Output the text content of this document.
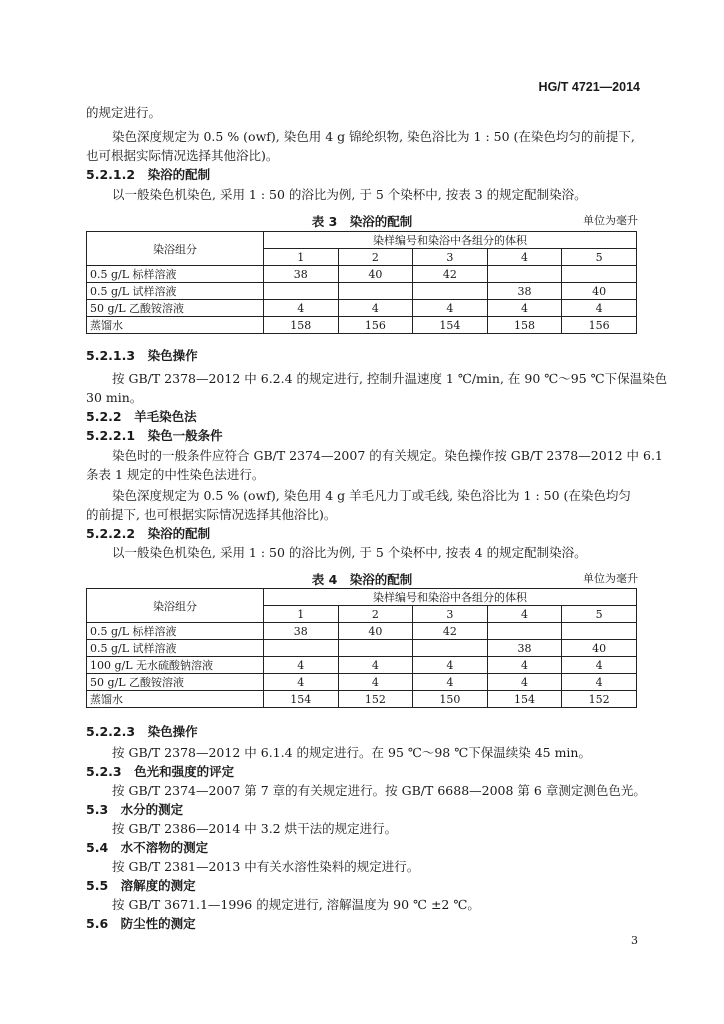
HG/T 4721—2014
的规定进行。
染色深度规定为 0.5 % (owf), 染色用 4 g 锦纶织物, 染色浴比为 1 : 50 (在染色均匀的前提下,
也可根据实际情况选择其他浴比)。
5.2.1.2　 染浴的配制
以一般染色机染色, 采用 1 : 50 的浴比为例, 于 5 个染杯中, 按表 3 的规定配制染浴。
表 3　染浴的配制	单位为毫升
染浴组分	染样编号和染浴中各组分的体积				
	1	2	3	4	5
0.5 g/L 标样溶液	38	40	42		
0.5 g/L 试样溶液				38	40
50 g/L 乙酸铵溶液	4	4	4	4	4
蒸馏水	158	156	154	158	156
5.2.1.3　 染色操作
按 GB/T 2378—2012 中 6.2.4 的规定进行, 控制升温速度 1 ℃/min, 在 90 ℃～95 ℃下保温染色
30 min。
5.2.2　 羊毛染色法
5.2.2.1　 染色一般条件
染色时的一般条件应符合 GB/T 2374—2007 的有关规定。染色操作按 GB/T 2378—2012 中 6.1
条表 1 规定的中性染色法进行。
染色深度规定为 0.5 % (owf), 染色用 4 g 羊毛凡力丁或毛线, 染色浴比为 1 : 50 (在染色均匀
的前提下, 也可根据实际情况选择其他浴比)。
5.2.2.2　 染浴的配制
以一般染色机染色, 采用 1 : 50 的浴比为例, 于 5 个染杯中, 按表 4 的规定配制染浴。
表 4　染浴的配制	单位为毫升
染浴组分	染样编号和染浴中各组分的体积				
	1	2	3	4	5
0.5 g/L 标样溶液	38	40	42		
0.5 g/L 试样溶液				38	40
100 g/L 无水硫酸钠溶液	4	4	4	4	4
50 g/L 乙酸铵溶液	4	4	4	4	4
蒸馏水	154	152	150	154	152
5.2.2.3　 染色操作
按 GB/T 2378—2012 中 6.1.4 的规定进行。在 95 ℃～98 ℃下保温续染 45 min。
5.2.3　 色光和强度的评定
按 GB/T 2374—2007 第 7 章的有关规定进行。按 GB/T 6688—2008 第 6 章测定测色色光。
5.3　 水分的测定
按 GB/T 2386—2014 中 3.2 烘干法的规定进行。
5.4　 水不溶物的测定
按 GB/T 2381—2013 中有关水溶性染料的规定进行。
5.5　 溶解度的测定
按 GB/T 3671.1—1996 的规定进行, 溶解温度为 90 ℃ ±2 ℃。
5.6　 防尘性的测定
3
